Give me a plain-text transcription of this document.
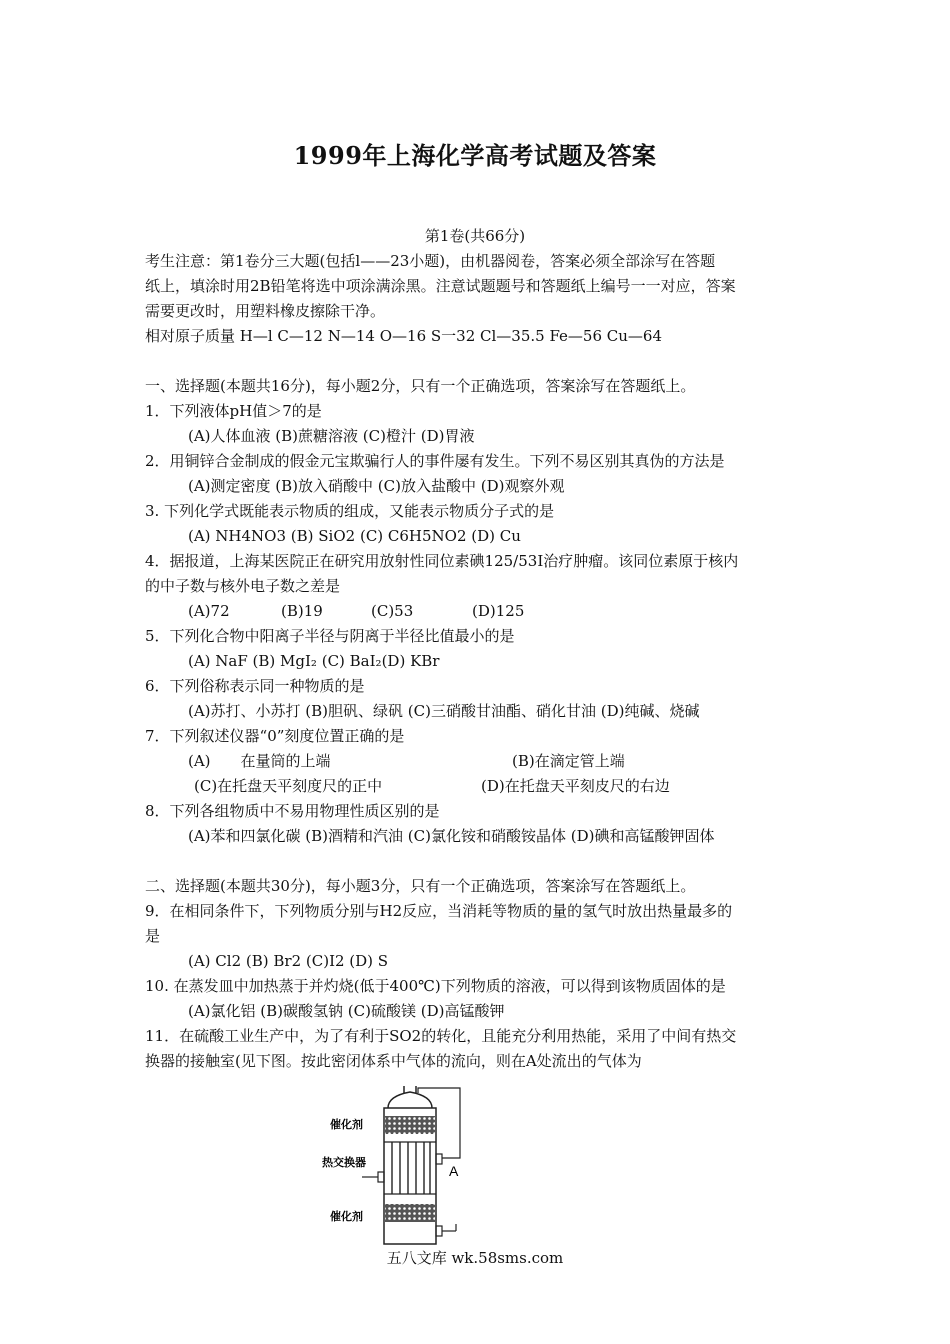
1999年上海化学高考试题及答案
第1卷(共66分)
考生注意：第1卷分三大题(包括l——23小题)，由机器阅卷，答案必须全部涂写在答题
纸上，填涂时用2B铅笔将选中项涂满涂黑。注意试题题号和答题纸上编号一一对应，答案
需要更改时，用塑料橡皮擦除干净。
相对原子质量 H—l C—12 N—14 O—16 S一32 Cl—35.5 Fe—56 Cu—64
一、选择题(本题共16分)，每小题2分，只有一个正确选项，答案涂写在答题纸上。
1．下列液体pH值＞7的是
(A)人体血液 (B)蔗糖溶液 (C)橙汁 (D)胃液
2．用铜锌合金制成的假金元宝欺骗行人的事件屡有发生。下列不易区别其真伪的方法是
(A)测定密度 (B)放入硝酸中 (C)放入盐酸中 (D)观察外观
3. 下列化学式既能表示物质的组成，又能表示物质分子式的是
(A) NH4NO3 (B) SiO2 (C) C6H5NO2 (D) Cu
4．据报道，上海某医院正在研究用放射性同位素碘125/53I治疗肿瘤。该同位素原于核内
的中子数与核外电子数之差是
(A)72	(B)19	(C)53	(D)125
5．下列化合物中阳离子半径与阴离于半径比值最小的是
(A) NaF (B) MgI₂ (C) BaI₂(D) KBr
6．下列俗称表示同一种物质的是
(A)苏打、小苏打 (B)胆矾、绿矾 (C)三硝酸甘油酯、硝化甘油 (D)纯碱、烧碱
7．下列叙述仪器“0”刻度位置正确的是
(A)　　在量筒的上端	(B)在滴定管上端
(C)在托盘天平刻度尺的正中	(D)在托盘天平刻皮尺的右边
8．下列各组物质中不易用物理性质区别的是
(A)苯和四氯化碳 (B)酒精和汽油 (C)氯化铵和硝酸铵晶体 (D)碘和高锰酸钾固体
二、选择题(本题共30分)，每小题3分，只有一个正确选项，答案涂写在答题纸上。
9．在相同条件下，下列物质分别与H2反应，当消耗等物质的量的氢气时放出热量最多的
是
(A) Cl2 (B) Br2 (C)I2 (D) S
10. 在蒸发皿中加热蒸于并灼烧(低于400℃)下列物质的溶液，可以得到该物质固体的是
(A)氯化铝 (B)碳酸氢钠 (C)硫酸镁 (D)高锰酸钾
11．在硫酸工业生产中，为了有利于SO2的转化，且能充分利用热能，采用了中间有热交
换器的接触室(见下图。按此密闭体系中气体的流向，则在A处流出的气体为
催化剂
热交换器
催化剂
A
五八文库 wk.58sms.com
